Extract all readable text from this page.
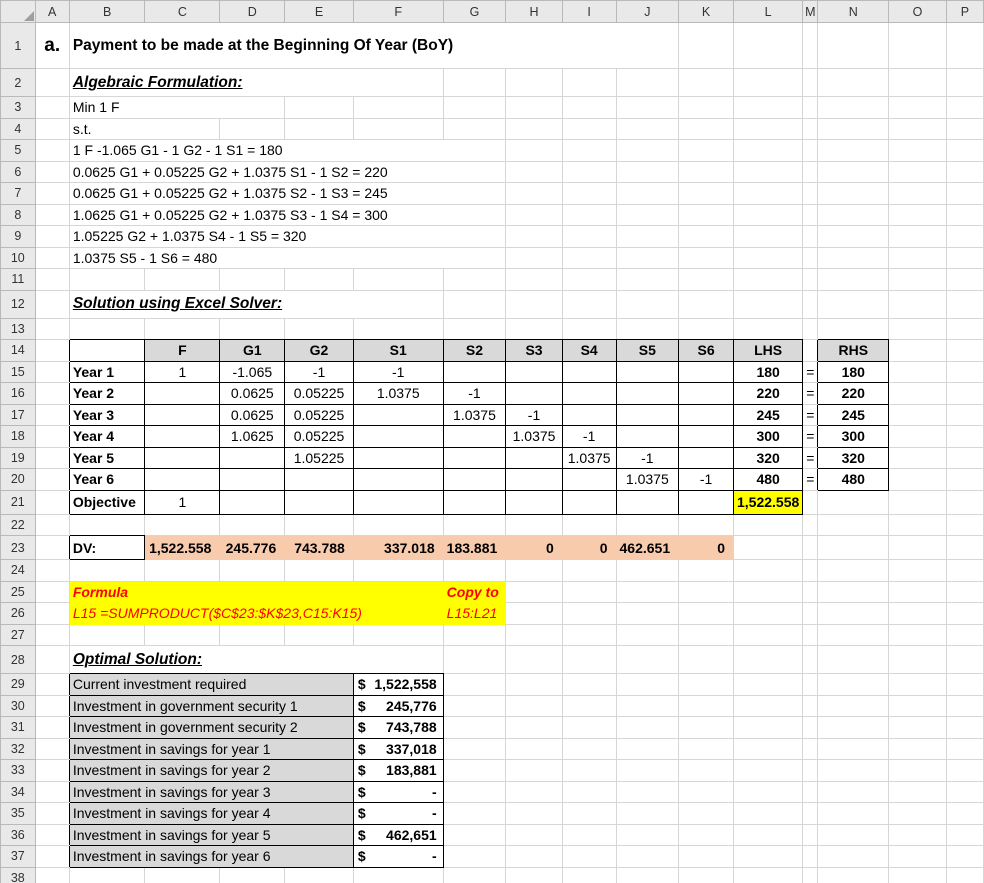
	A	B	C	D	E	F	G	H	I	J	K	L	M	N	O	P
1	a.	Payment to be made at the Beginning Of Year (BoY)														
2		Algebraic Formulation:														
3		Min 1 F														
4		s.t.														
5		1 F -1.065 G1 - 1 G2 - 1 S1 = 180														
6		0.0625 G1 + 0.05225 G2 + 1.0375 S1 - 1 S2 = 220														
7		0.0625 G1 + 0.05225 G2 + 1.0375 S2 - 1 S3 = 245														
8		1.0625 G1 + 0.05225 G2 + 1.0375 S3 - 1 S4 = 300														
9		1.05225 G2 + 1.0375 S4 - 1 S5 = 320														
10		1.0375 S5 - 1 S6 = 480														
11																
12		Solution using Excel Solver:														
13																
14			F	G1	G2	S1	S2	S3	S4	S5	S6	LHS		RHS		
15		Year 1	1	-1.065	-1	-1						180	=	180		
16		Year 2		0.0625	0.05225	1.0375	-1					220	=	220		
17		Year 3		0.0625	0.05225		1.0375	-1				245	=	245		
18		Year 4		1.0625	0.05225			1.0375	-1			300	=	300		
19		Year 5			1.05225				1.0375	-1		320	=	320		
20		Year 6								1.0375	-1	480	=	480		
21		Objective	1									1,522.558				
22																
23		DV:	1,522.558	245.776	743.788	337.018	183.881	0	0	462.651	0					
24																
25		Formula					Copy to									
26		L15 =SUMPRODUCT($C$23:$K$23,C15:K15)					L15:L21									
27																
28		Optimal Solution:														
29		Current investment required				$ 1,522,558										

30		Investment in government security 1				$ 245,776										

31		Investment in government security 2				$ 743,788										

32		Investment in savings for year 1				$ 337,018										

33		Investment in savings for year 2				$ 183,881										

34		Investment in savings for year 3				$ -										

35		Investment in savings for year 4				$ -										

36		Investment in savings for year 5				$ 462,651										

37		Investment in savings for year 6				$ -										

38																
